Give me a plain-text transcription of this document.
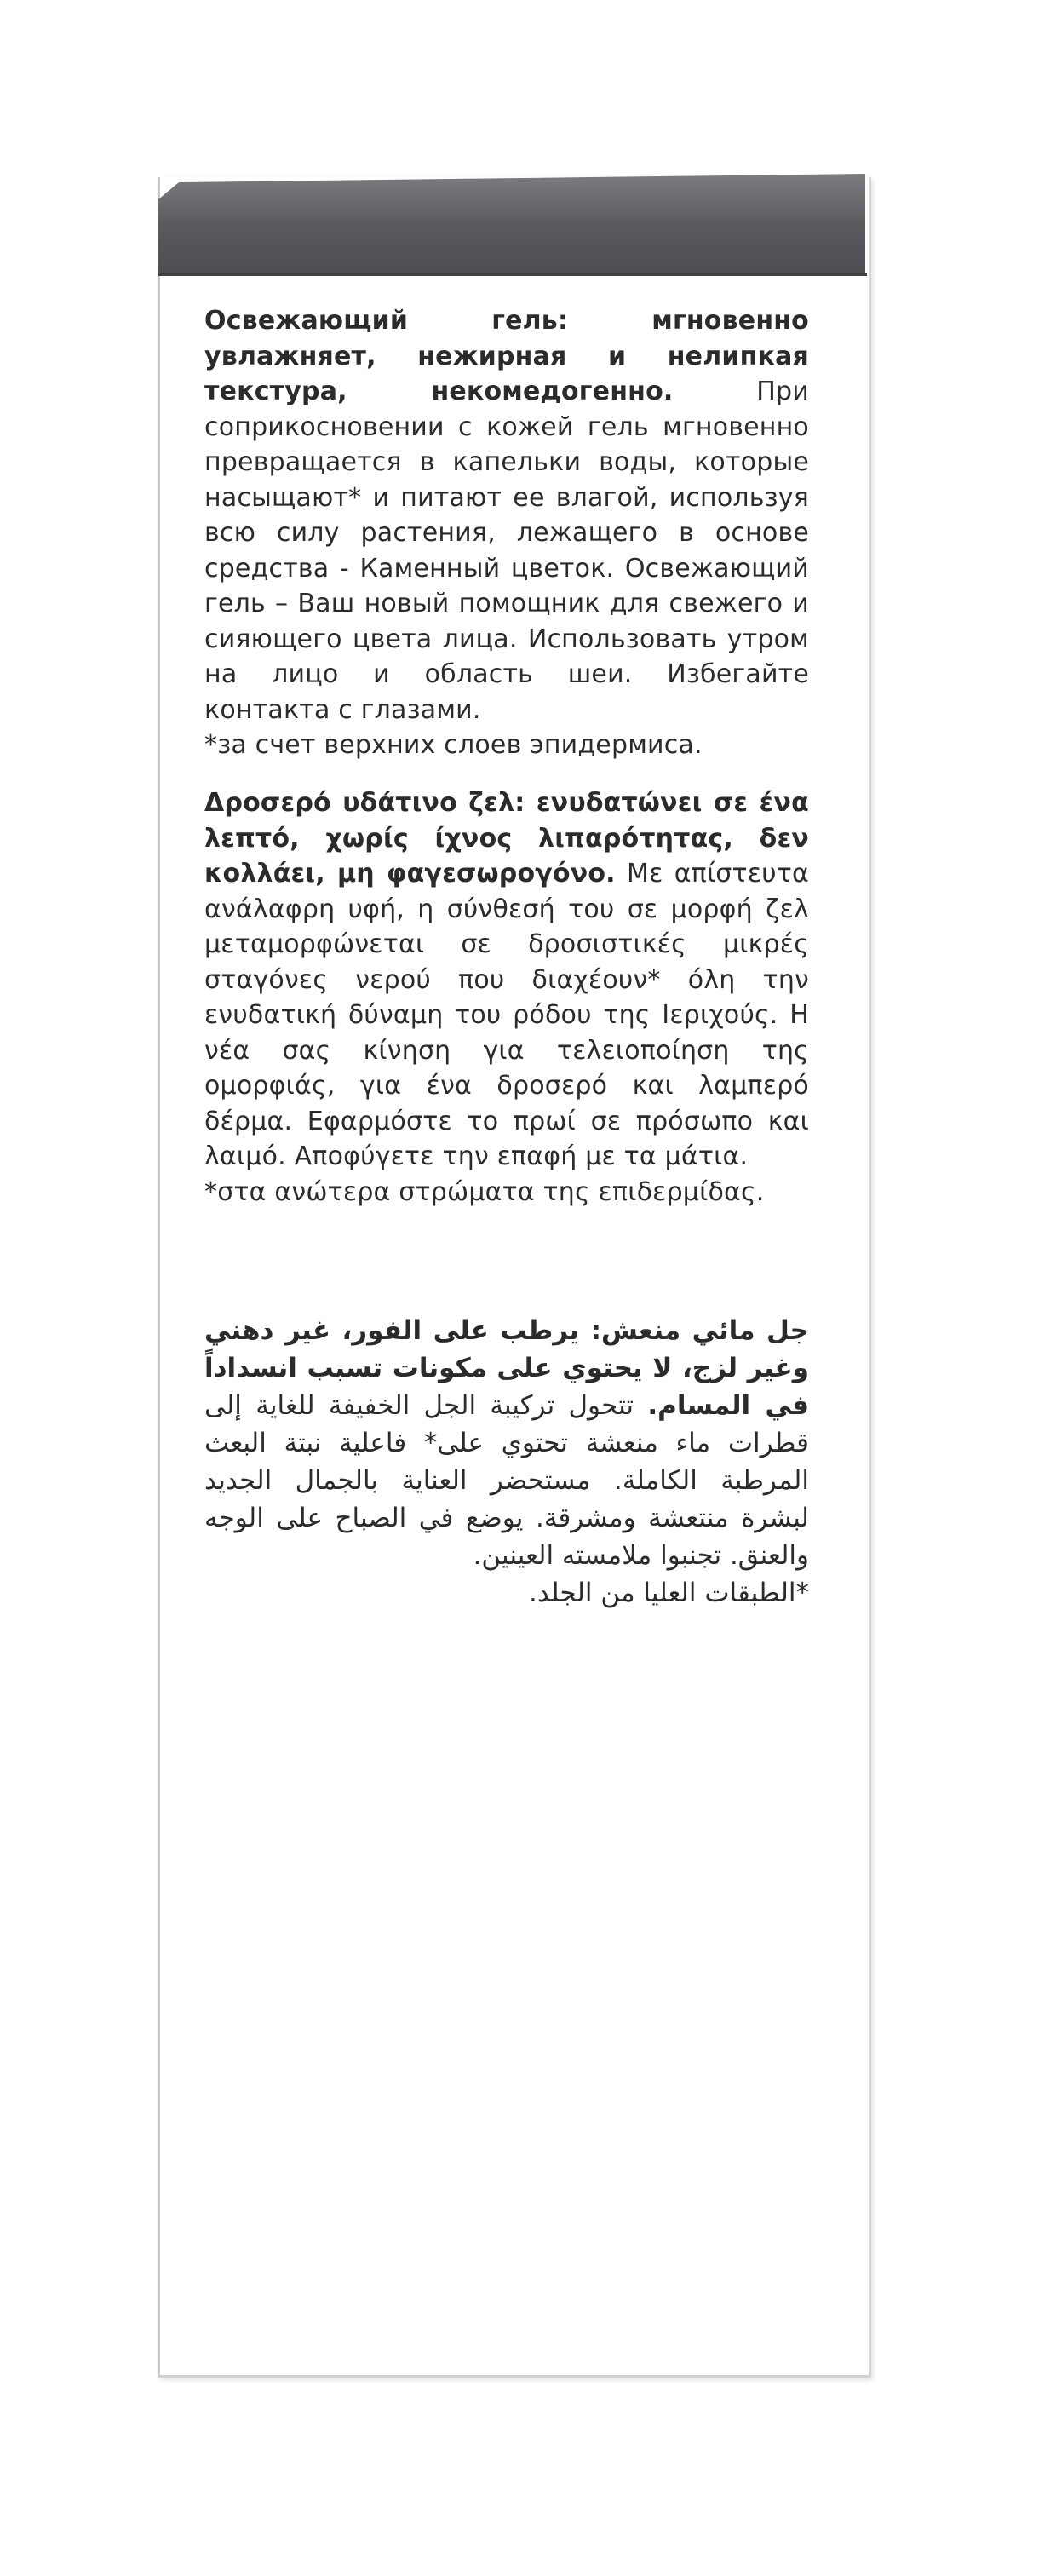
Освежающий гель: мгновенно увлажняет, нежирная и нелипкая текстура, некомедогенно.	При соприкосновении с кожей гель мгновенно превращается в капельки воды, которые насыщают* и питают ее влагой, используя всю силу растения, лежащего в основе средства - Каменный цветок. Освежающий гель – Ваш новый помощник для свежего и сияющего цвета лица. Использовать утром на лицо и область шеи. Избегайте контакта с глазами.

*за счет верхних слоев эпидермиса.

Δροσερό υδάτινο ζελ: ενυδατώνει σε ένα λεπτό, χωρίς ίχνος λιπαρότητας, δεν κολλάει, μη φαγεσωρογόνο. Με απίστευτα ανάλαφρη υφή, η σύνθεσή του σε μορφή ζελ μεταμορφώνεται σε δροσιστικές μικρές σταγόνες νερού που διαχέουν* όλη την ενυδατική δύναμη του ρόδου της Ιεριχούς. Η νέα σας κίνηση για τελειοποίηση της ομορφιάς, για ένα δροσερό και λαμπερό δέρμα. Εφαρμόστε το πρωί σε πρόσωπο και λαιμό. Αποφύγετε την επαφή με τα μάτια.

*στα ανώτερα στρώματα της επιδερμίδας.

جل مائي منعش: يرطب على الفور، غير دهني وغير لزج، لا يحتوي على مكونات تسبب انسداداً في المسام. تتحول تركيبة الجل الخفيفة للغاية إلى قطرات ماء منعشة تحتوي على* فاعلية نبتة البعث المرطبة الكاملة. مستحضر العناية بالجمال الجديد لبشرة منتعشة ومشرقة. يوضع في الصباح على الوجه والعنق. تجنبوا ملامسته العينين.

*الطبقات العليا من الجلد.
